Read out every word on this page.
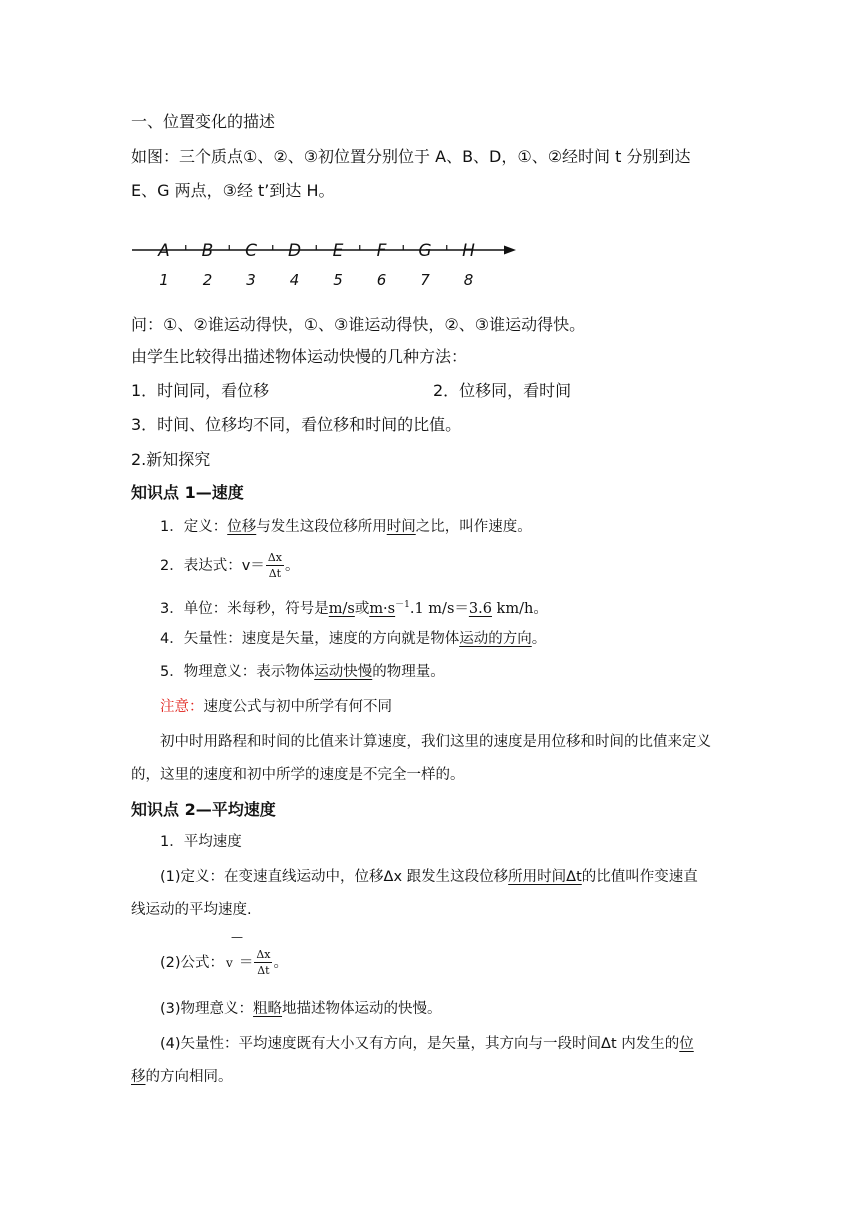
一、位置变化的描述
如图：三个质点①、②、③初位置分别位于 A、B、D，①、②经时间 t 分别到达
E、G 两点，③经 t’到达 H。
A
1
B
2
C
3
D
4
E
5
F
6
G
7
H
8
问：①、②谁运动得快，①、③谁运动得快，②、③谁运动得快。
由学生比较得出描述物体运动快慢的几种方法：
1．时间同，看位移	2．位移同，看时间
3．时间、位移均不同，看位移和时间的比值。
2.新知探究
知识点 1—速度
1．定义：位移与发生这段位移所用时间之比，叫作速度。
2．表达式：$v= \frac{\Delta x}{\Delta t}$ 。
3．单位：米每秒，符号是m/s或$m\cdot s^{-1}.1$ m/s＝3.6 km/h。
4．矢量性：速度是矢量，速度的方向就是物体运动的方向。
5．物理意义：表示物体运动快慢的物理量。
注意：速度公式与初中所学有何不同
初中时用路程和时间的比值来计算速度，我们这里的速度是用位移和时间的比值来定义
的，这里的速度和初中所学的速度是不完全一样的。
知识点 2—平均速度
1．平均速度
(1)定义：在变速直线运动中，位移Δx 跟发生这段位移所用时间Δt的比值叫作变速直
线运动的平均速度.
—
(2)公式： $v = \frac{\Delta x}{\Delta t}$ 。
(3)物理意义：粗略地描述物体运动的快慢。
(4)矢量性：平均速度既有大小又有方向，是矢量，其方向与一段时间Δt 内发生的位
移的方向相同。
